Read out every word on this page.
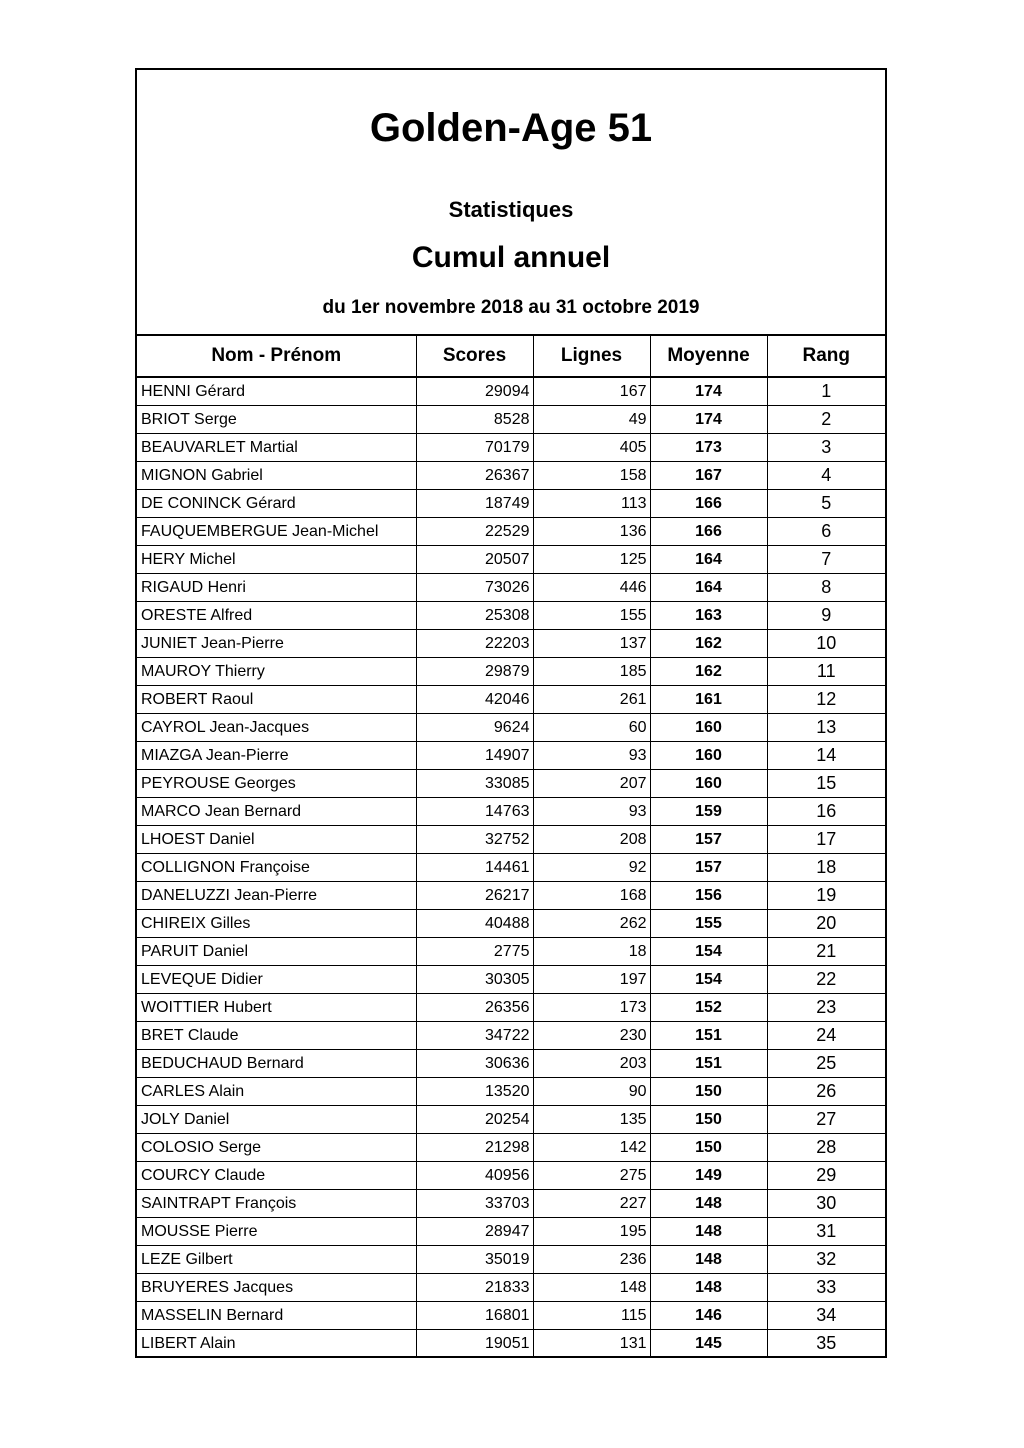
Golden-Age 51
Statistiques
Cumul annuel
du 1er novembre 2018 au 31 octobre 2019
Nom - Prénom	Scores	Lignes	Moyenne	Rang
HENNI Gérard	29094	167	174	1
BRIOT Serge	8528	49	174	2
BEAUVARLET Martial	70179	405	173	3
MIGNON Gabriel	26367	158	167	4
DE CONINCK Gérard	18749	113	166	5
FAUQUEMBERGUE Jean-Michel	22529	136	166	6
HERY Michel	20507	125	164	7
RIGAUD Henri	73026	446	164	8
ORESTE Alfred	25308	155	163	9
JUNIET Jean-Pierre	22203	137	162	10
MAUROY Thierry	29879	185	162	11
ROBERT Raoul	42046	261	161	12
CAYROL Jean-Jacques	9624	60	160	13
MIAZGA Jean-Pierre	14907	93	160	14
PEYROUSE Georges	33085	207	160	15
MARCO Jean Bernard	14763	93	159	16
LHOEST Daniel	32752	208	157	17
COLLIGNON Françoise	14461	92	157	18
DANELUZZI Jean-Pierre	26217	168	156	19
CHIREIX Gilles	40488	262	155	20
PARUIT Daniel	2775	18	154	21
LEVEQUE Didier	30305	197	154	22
WOITTIER Hubert	26356	173	152	23
BRET Claude	34722	230	151	24
BEDUCHAUD Bernard	30636	203	151	25
CARLES Alain	13520	90	150	26
JOLY Daniel	20254	135	150	27
COLOSIO Serge	21298	142	150	28
COURCY Claude	40956	275	149	29
SAINTRAPT François	33703	227	148	30
MOUSSE Pierre	28947	195	148	31
LEZE Gilbert	35019	236	148	32
BRUYERES Jacques	21833	148	148	33
MASSELIN Bernard	16801	115	146	34
LIBERT Alain	19051	131	145	35
